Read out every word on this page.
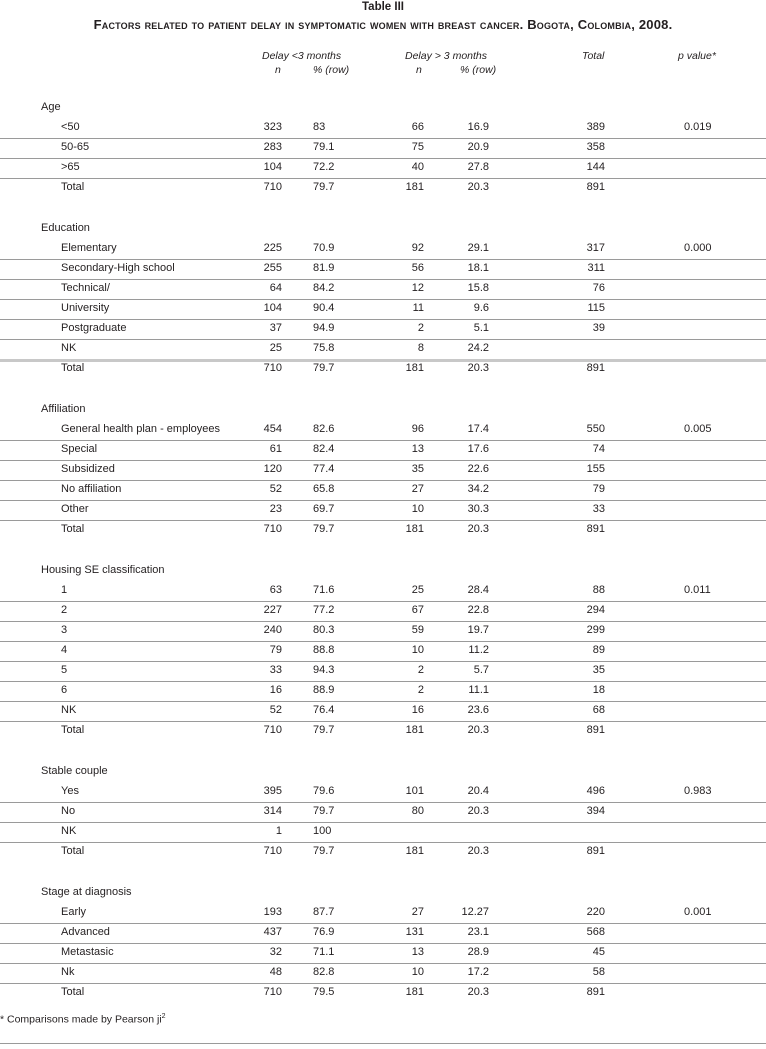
Table III
Factors related to patient delay in symptomatic women with breast cancer. Bogota, Colombia, 2008.
Delay <3 months
n	% (row)
Delay > 3 months
n	% (row)
Total	p value*
Age
<50	323	83	66	16.9	389	0.019
50-65	283	79.1	75	20.9	358
>65	104	72.2	40	27.8	144
Total	710	79.7	181	20.3	891
Education
Elementary	225	70.9	92	29.1	317	0.000
Secondary-High school	255	81.9	56	18.1	311
Technical/	64	84.2	12	15.8	76
University	104	90.4	11	9.6	115
Postgraduate	37	94.9	2	5.1	39
NK	25	75.8	8	24.2
Total	710	79.7	181	20.3	891
Affiliation
General health plan - employees	454	82.6	96	17.4	550	0.005
Special	61	82.4	13	17.6	74
Subsidized	120	77.4	35	22.6	155
No affiliation	52	65.8	27	34.2	79
Other	23	69.7	10	30.3	33
Total	710	79.7	181	20.3	891
Housing SE classification
1	63	71.6	25	28.4	88	0.011
2	227	77.2	67	22.8	294
3	240	80.3	59	19.7	299
4	79	88.8	10	11.2	89
5	33	94.3	2	5.7	35
6	16	88.9	2	11.1	18
NK	52	76.4	16	23.6	68
Total	710	79.7	181	20.3	891
Stable couple
Yes	395	79.6	101	20.4	496	0.983
No	314	79.7	80	20.3	394
NK	1	100
Total	710	79.7	181	20.3	891
Stage at diagnosis
Early	193	87.7	27	12.27	220	0.001
Advanced	437	76.9	131	23.1	568
Metastasic	32	71.1	13	28.9	45
Nk	48	82.8	10	17.2	58
Total	710	79.5	181	20.3	891
* Comparisons made by Pearson $ji^2$
